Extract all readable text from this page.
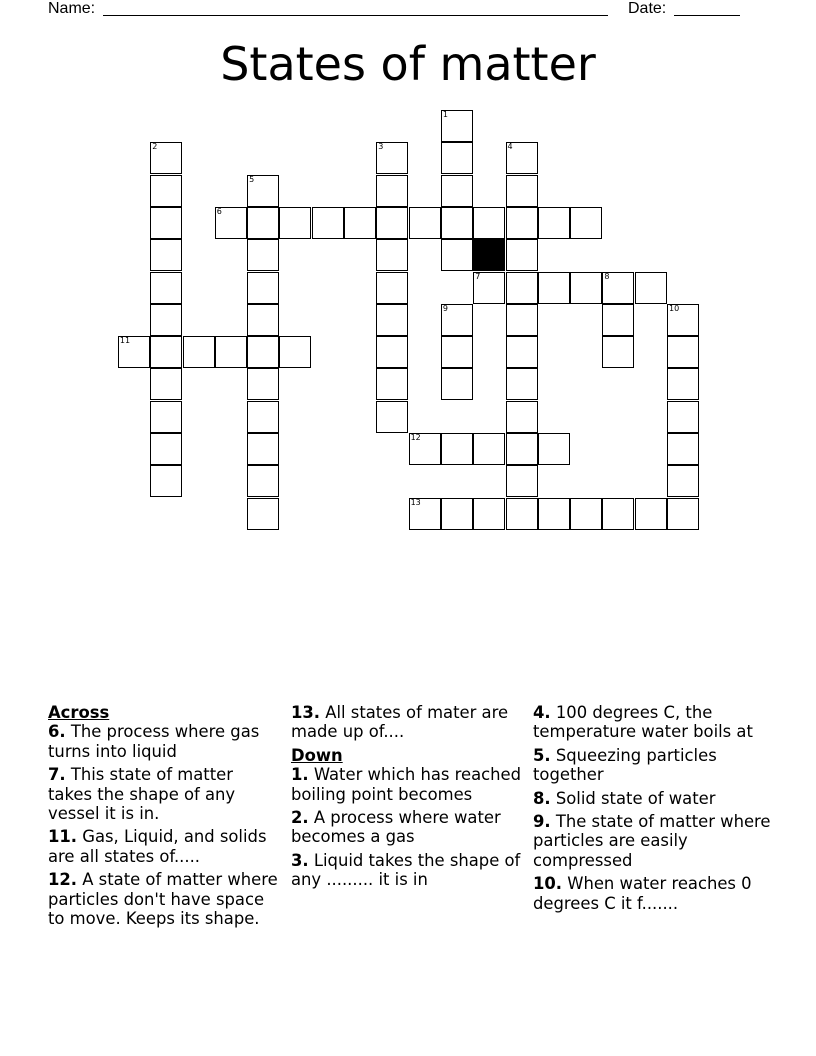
Name:	Date:
States of matter
6
7	8
11
12
13
1
2	3	4
5
9	10
Across
6. The process where gas turns into liquid
7. This state of matter takes the shape of any vessel it is in.
11. Gas, Liquid, and solids are all states of.....
12. A state of matter where particles don't have space to move. Keeps its shape.
13. All states of mater are made up of....
Down
1. Water which has reached boiling point becomes
2. A process where water becomes a gas
3. Liquid takes the shape of any ......... it is in
4. 100 degrees C, the temperature water boils at
5. Squeezing particles together
8. Solid state of water
9. The state of matter where particles are easily compressed
10. When water reaches 0 degrees C it f.......
